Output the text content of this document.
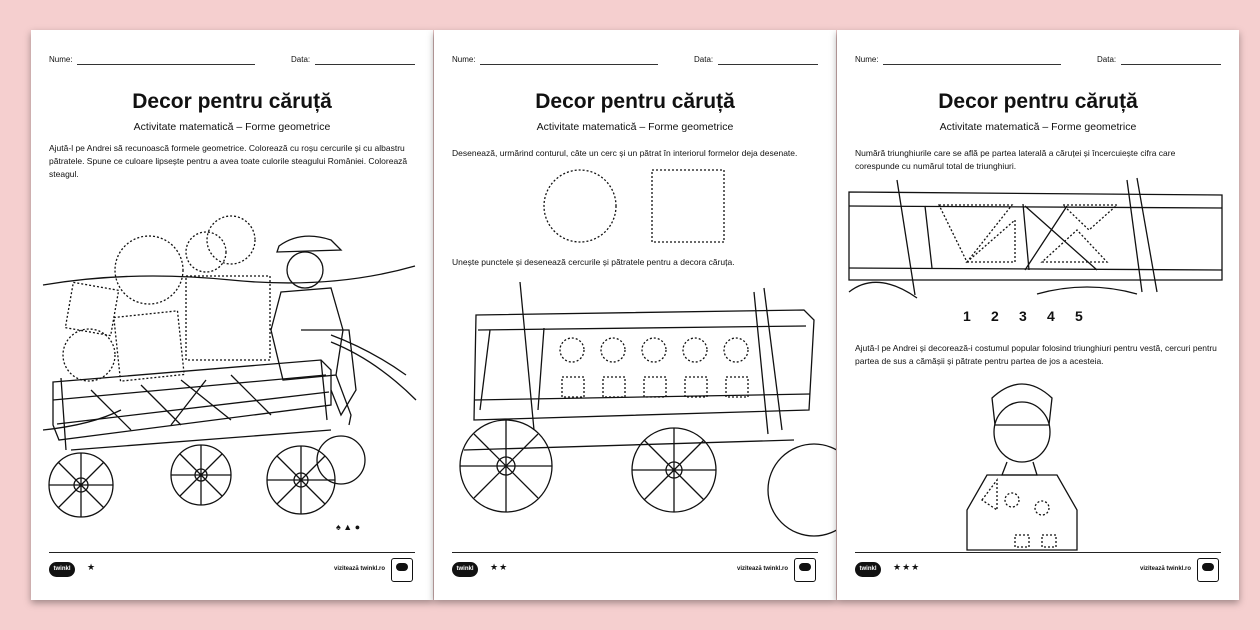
Nume:	Data:
Decor pentru căruță
Activitate matematică – Forme geometrice
Ajută-l pe Andrei să recunoască formele geometrice. Colorează cu roșu cercurile și cu albastru pătratele. Spune ce culoare lipsește pentru a avea toate culorile steagului României. Colorează steagul.
♠ ▲ ●
twinkl	★	vizitează twinkl.ro
Nume:	Data:
Decor pentru căruță
Activitate matematică – Forme geometrice
Desenează, urmărind conturul, câte un cerc și un pătrat în interiorul formelor deja desenate.
Unește punctele și desenează cercurile și pătratele pentru a decora căruța.
twinkl	★★	vizitează twinkl.ro
Nume:	Data:
Decor pentru căruță
Activitate matematică – Forme geometrice
Numără triunghiurile care se află pe partea laterală a căruței și încercuiește cifra care corespunde cu numărul total de triunghiuri.
1 2 3 4 5
Ajută-l pe Andrei și decorează-i costumul popular folosind triunghiuri pentru vestă, cercuri pentru partea de sus a cămășii și pătrate pentru partea de jos a acesteia.
twinkl	★★★	vizitează twinkl.ro
